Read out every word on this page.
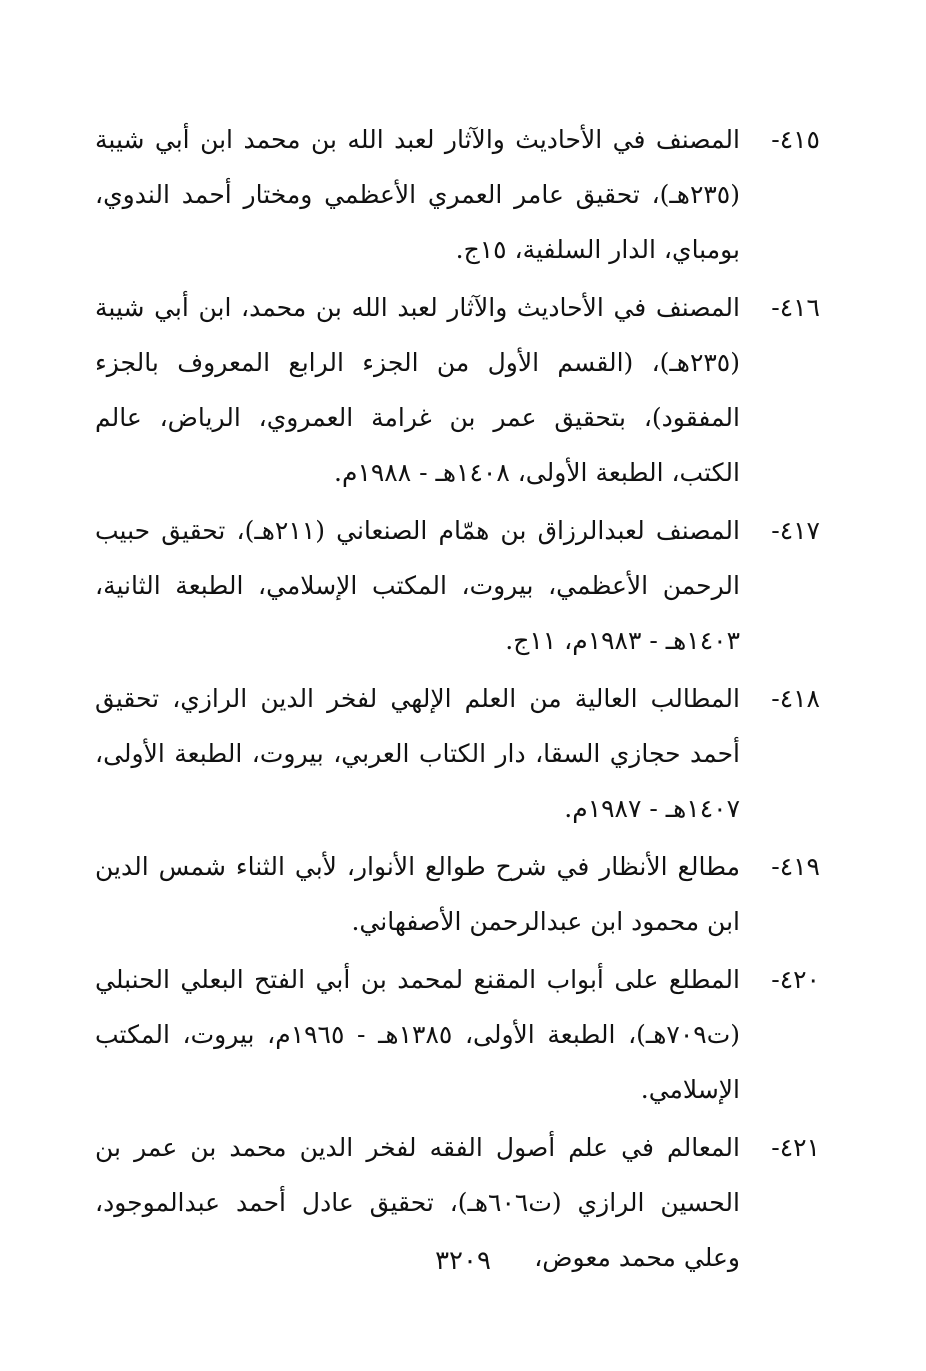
٤١٥-
المصنف في الأحاديث والآثار لعبد الله بن محمد ابن أبي شيبة (٢٣٥هـ)، تحقيق عامر العمري الأعظمي ومختار أحمد الندوي، بومباي، الدار السلفية، ١٥ج.
٤١٦-
المصنف في الأحاديث والآثار لعبد الله بن محمد، ابن أبي شيبة (٢٣٥هـ)، (القسم الأول من الجزء الرابع المعروف بالجزء المفقود)، بتحقيق عمر بن غرامة العمروي، الرياض، عالم الكتب، الطبعة الأولى، ١٤٠٨هـ - ١٩٨٨م.
٤١٧-
المصنف لعبدالرزاق بن همّام الصنعاني (٢١١هـ)، تحقيق حبيب الرحمن الأعظمي، بيروت، المكتب الإسلامي، الطبعة الثانية، ١٤٠٣هـ - ١٩٨٣م، ١١ج.
٤١٨-
المطالب العالية من العلم الإلهي لفخر الدين الرازي، تحقيق أحمد حجازي السقا، دار الكتاب العربي، بيروت، الطبعة الأولى، ١٤٠٧هـ - ١٩٨٧م.
٤١٩-
مطالع الأنظار في شرح طوالع الأنوار، لأبي الثناء شمس الدين ابن محمود ابن عبدالرحمن الأصفهاني.
٤٢٠-
المطلع على أبواب المقنع لمحمد بن أبي الفتح البعلي الحنبلي (ت٧٠٩هـ)، الطبعة الأولى، ١٣٨٥هـ - ١٩٦٥م، بيروت، المكتب الإسلامي.
٤٢١-
المعالم في علم أصول الفقه لفخر الدين محمد بن عمر بن الحسين الرازي (ت٦٠٦هـ)، تحقيق عادل أحمد عبدالموجود، وعلي محمد معوض،
٣٢٠٩
